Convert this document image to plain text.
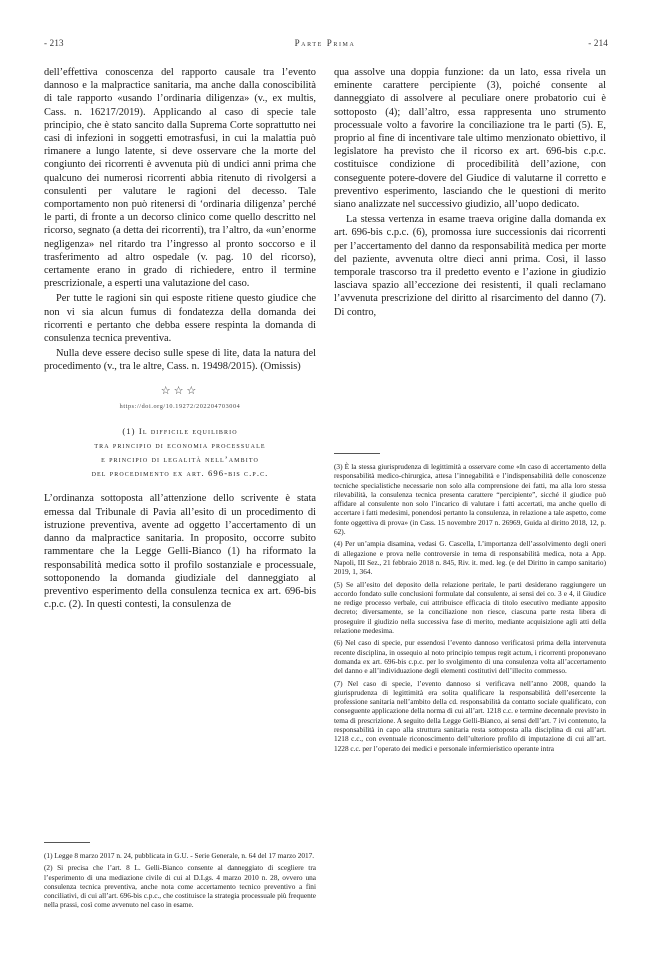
- 213	Parte Prima	- 214

dell’effettiva conoscenza del rapporto causale tra l’evento dannoso e la malpractice sanitaria, ma anche dalla conoscibilità di tale rapporto «usando l’ordinaria diligenza» (v., ex multis, Cass. n. 16217/2019). Applicando al caso di specie tale principio, che è stato sancito dalla Suprema Corte soprattutto nei casi di infezioni in soggetti emotrasfusi, in cui la malattia può rimanere a lungo latente, si deve osservare che la morte del congiunto dei ricorrenti è avvenuta più di undici anni prima che qualcuno dei numerosi ricorrenti abbia ritenuto di rivolgersi a consulenti per valutare le ragioni del decesso. Tale comportamento non può ritenersi di ‘ordinaria diligenza’ perché le parti, di fronte a un decorso clinico come quello descritto nel ricorso, segnato (a detta dei ricorrenti), tra l’altro, da «un’enorme negligenza» nel ritardo tra l’ingresso al pronto soccorso e il trasferimento ad altro ospedale (v. pag. 10 del ricorso), certamente erano in grado di richiedere, entro il termine prescrizionale, a esperti una valutazione del caso.

Per tutte le ragioni sin qui esposte ritiene questo giudice che non vi sia alcun fumus di fondatezza della domanda dei ricorrenti e pertanto che debba essere respinta la domanda di consulenza tecnica preventiva.

Nulla deve essere deciso sulle spese di lite, data la natura del procedimento (v., tra le altre, Cass. n. 19498/2015). (Omissis)

☆☆☆
https://doi.org/10.19272/202204703004
(1) Il difficile equilibrio
tra principio di economia processuale
e principio di legalità nell’ambito
del procedimento ex art. 696-bis c.p.c.

L’ordinanza sottoposta all’attenzione dello scrivente è stata emessa dal Tribunale di Pavia all’esito di un procedimento di istruzione preventiva, avente ad oggetto l’accertamento di un danno da malpractice sanitaria. In proposito, occorre subito rammentare che la Legge Gelli-Bianco (1) ha riformato la responsabilità medica sotto il profilo sostanziale e processuale, sottoponendo la domanda giudiziale del danneggiato al preventivo esperimento della consulenza tecnica ex art. 696-bis c.p.c. (2). In questi contesti, la consulenza de

(1) Legge 8 marzo 2017 n. 24, pubblicata in G.U. - Serie Generale, n. 64 del 17 marzo 2017.

(2) Si precisa che l’art. 8 L. Gelli-Bianco consente al danneggiato di scegliere tra l’esperimento di una mediazione civile di cui al D.Lgs. 4 marzo 2010 n. 28, ovvero una consulenza tecnica preventiva, anche nota come accertamento tecnico preventivo a fini conciliativi, di cui all’art. 696-bis c.p.c., che costituisce la strategia processuale più frequente nella prassi, così come avvenuto nel caso in esame.

qua assolve una doppia funzione: da un lato, essa rivela un eminente carattere percipiente (3), poiché consente al danneggiato di assolvere al peculiare onere probatorio cui è sottoposto (4); dall’altro, essa rappresenta uno strumento processuale volto a favorire la conciliazione tra le parti (5). E, proprio al fine di incentivare tale ultimo menzionato obiettivo, il legislatore ha previsto che il ricorso ex art. 696-bis c.p.c. costituisce condizione di procedibilità dell’azione, con conseguente potere-dovere del Giudice di valutarne il corretto e preventivo esperimento, lasciando che le questioni di merito siano analizzate nel successivo giudizio, all’uopo dedicato.

La stessa vertenza in esame traeva origine dalla domanda ex art. 696-bis c.p.c. (6), promossa iure successionis dai ricorrenti per l’accertamento del danno da responsabilità medica per morte del paziente, avvenuta oltre dieci anni prima. Così, il lasso temporale trascorso tra il predetto evento e l’azione in giudizio lasciava spazio all’eccezione dei resistenti, il quali reclamano l’avvenuta prescrizione del diritto al risarcimento del danno (7). Di contro,

(3) È la stessa giurisprudenza di legittimità a osservare come «In caso di accertamento della responsabilità medico-chirurgica, attesa l’innegabilità e l’indispensabilità delle conoscenze tecniche specialistiche necessarie non solo alla comprensione dei fatti, ma alla loro stessa rilevabilità, la consulenza tecnica presenta carattere “percipiente”, sicché il giudice può affidare al consulente non solo l’incarico di valutare i fatti accertati, ma anche quello di accertare i fatti medesimi, ponendosi pertanto la consulenza, in relazione a tale aspetto, come fonte oggettiva di prova» (in Cass. 15 novembre 2017 n. 26969, Guida al diritto 2018, 12, p. 62).

(4) Per un’ampia disamina, vedasi G. Cascella, L’importanza dell’assolvimento degli oneri di allegazione e prova nelle controversie in tema di responsabilità medica, nota a App. Napoli, III Sez., 21 febbraio 2018 n. 845, Riv. it. med. leg. (e del Diritto in campo sanitario) 2019, 1, 364.

(5) Se all’esito del deposito della relazione peritale, le parti desiderano raggiungere un accordo fondato sulle conclusioni formulate dal consulente, ai sensi dei co. 3 e 4, il Giudice ne redige processo verbale, cui attribuisce efficacia di titolo esecutivo mediante apposito decreto; diversamente, se la conciliazione non riesce, ciascuna parte resta libera di proseguire il giudizio nella successiva fase di merito, mediante acquisizione agli atti della relazione medesima.

(6) Nel caso di specie, pur essendosi l’evento dannoso verificatosi prima della intervenuta recente disciplina, in ossequio al noto principio tempus regit actum, i ricorrenti proponevano domanda ex art. 696-bis c.p.c. per lo svolgimento di una consulenza volta all’accertamento del danno e all’individuazione degli elementi costitutivi dell’illecito commesso.

(7) Nel caso di specie, l’evento dannoso si verificava nell’anno 2008, quando la giurisprudenza di legittimità era solita qualificare la responsabilità dell’esercente la professione sanitaria nell’ambito della cd. responsabilità da contatto sociale qualificato, con conseguente applicazione della norma di cui all’art. 1218 c.c. e termine decennale previsto in tema di prescrizione. A seguito della Legge Gelli-Bianco, ai sensi dell’art. 7 ivi contenuto, la responsabilità in capo alla struttura sanitaria resta sottoposta alla disciplina di cui all’art. 1218 c.c., con eventuale riconoscimento dell’ulteriore profilo di imputazione di cui all’art. 1228 c.c. per l’operato dei medici e personale infermieristico operante intra
